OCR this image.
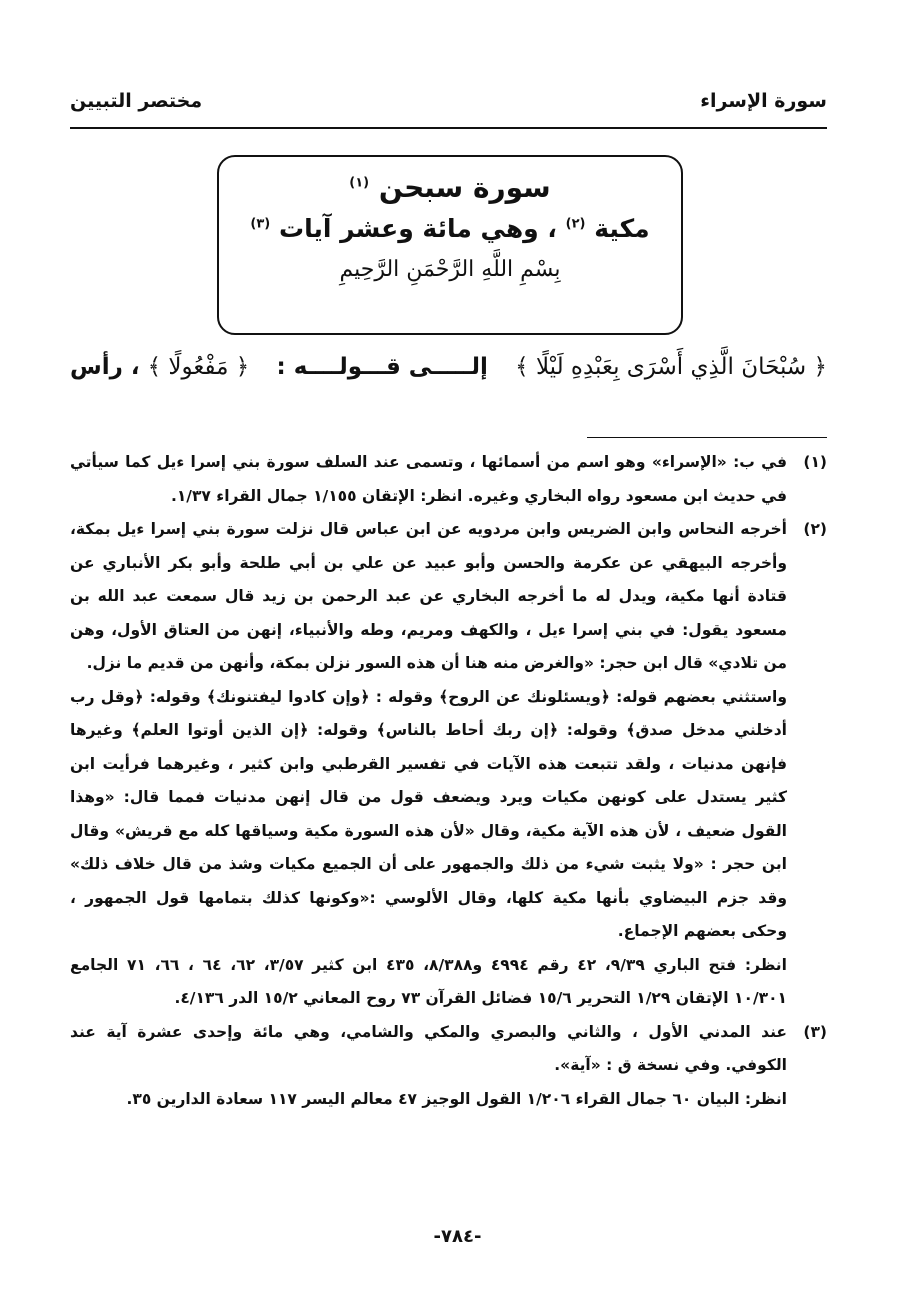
سورة الإسراء
مختصر التبيين
سورة سبحن $^{(١)}$
مكية $^{(٢)}$ ، وهي مائة وعشر آيات $^{(٣)}$
بِسْمِ اللَّهِ الرَّحْمَنِ الرَّحِيمِ
﴿ سُبْحَانَ الَّذِي أَسْرَى بِعَبْدِهِ لَيْلًا ﴾
إلـــــى قـــولــــه :
﴿ مَفْعُولًا ﴾ ، رأس
(١)

في ب: «الإسراء» وهو اسم من أسمائها ، وتسمى عند السلف سورة بني إسرا ءيل كما سيأتي في حديث ابن مسعود رواه البخاري وغيره. انظر: الإتقان ١/١٥٥ جمال القراء ١/٣٧.

(٢)

أخرجه النحاس وابن الضريس وابن مردويه عن ابن عباس قال نزلت سورة بني إسرا ءيل بمكة، وأخرجه البيهقي عن عكرمة والحسن وأبو عبيد عن علي بن أبي طلحة وأبو بكر الأنباري عن قتادة أنها مكية، ويدل له ما أخرجه البخاري عن عبد الرحمن بن زيد قال سمعت عبد الله بن مسعود يقول: في بني إسرا ءيل ، والكهف ومريم، وطه والأنبياء، إنهن من العتاق الأول، وهن من تلادي» قال ابن حجر: «والغرض منه هنا أن هذه السور نزلن بمكة، وأنهن من قديم ما نزل.

واستثني بعضهم قوله: ﴿ويسئلونك عن الروح﴾ وقوله : ﴿وإن كادوا ليفتنونك﴾ وقوله: ﴿وقل رب أدخلني مدخل صدق﴾ وقوله: ﴿إن ربك أحاط بالناس﴾ وقوله: ﴿إن الذين أوتوا العلم﴾ وغيرها فإنهن مدنيات ، ولقد تتبعت هذه الآيات في تفسير القرطبي وابن كثير ، وغيرهما فرأيت ابن كثير يستدل على كونهن مكيات ويرد ويضعف قول من قال إنهن مدنيات فمما قال: «وهذا القول ضعيف ، لأن هذه الآية مكية، وقال «لأن هذه السورة مكية وسياقها كله مع قريش» وقال ابن حجر : «ولا يثبت شيء من ذلك والجمهور على أن الجميع مكيات وشذ من قال خلاف ذلك» وقد جزم البيضاوي بأنها مكية كلها، وقال الألوسي :«وكونها كذلك بتمامها قول الجمهور ، وحكى بعضهم الإجماع.

انظر: فتح الباري ٩/٣٩، ٤٢ رقم ٤٩٩٤ و٨/٣٨٨، ٤٣٥ ابن كثير ٣/٥٧، ٦٢، ٦٤ ، ٦٦، ٧١ الجامع ١٠/٣٠١ الإتقان ١/٢٩ التحرير ١٥/٦ فضائل القرآن ٧٣ روح المعاني ١٥/٢ الدر ٤/١٣٦.

(٣)

عند المدني الأول ، والثاني والبصري والمكي والشامي، وهي مائة وإحدى عشرة آية عند الكوفي. وفي نسخة ق : «آية».

انظر: البيان ٦٠ جمال القراء ١/٢٠٦ القول الوجيز ٤٧ معالم اليسر ١١٧ سعادة الدارين ٣٥.

-٧٨٤-
